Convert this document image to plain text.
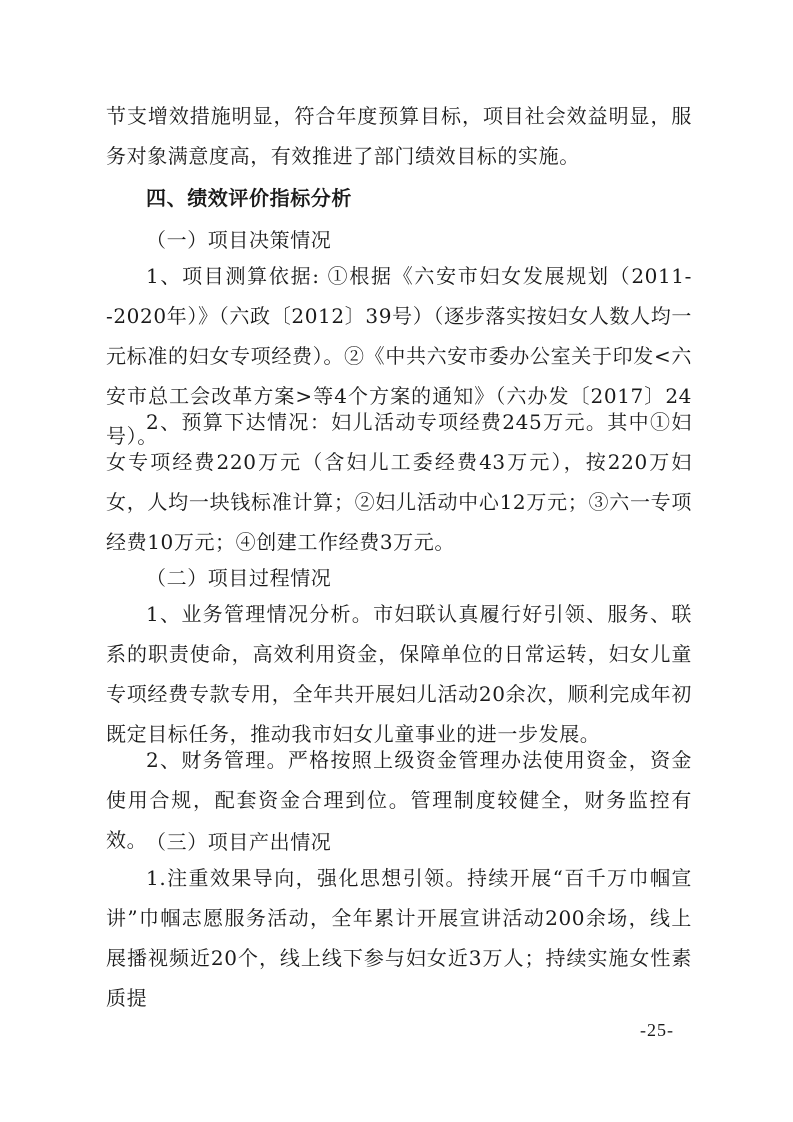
节支增效措施明显，符合年度预算目标，项目社会效益明显，服务对象满意度高，有效推进了部门绩效目标的实施。

四、绩效评价指标分析

（一）项目决策情况

1、项目测算依据: ①根据《六安市妇女发展规划（2011--2020年）》（六政〔2012〕39号）（逐步落实按妇女人数人均一元标准的妇女专项经费）。②《中共六安市委办公室关于印发<六安市总工会改革方案>等4个方案的通知》（六办发〔2017〕24号）。

2、预算下达情况：妇儿活动专项经费245万元。其中①妇女专项经费220万元（含妇儿工委经费43万元），按220万妇女，人均一块钱标准计算；②妇儿活动中心12万元；③六一专项经费10万元；④创建工作经费3万元。

（二）项目过程情况

1、业务管理情况分析。市妇联认真履行好引领、服务、联系的职责使命，高效利用资金，保障单位的日常运转，妇女儿童专项经费专款专用，全年共开展妇儿活动20余次，顺利完成年初既定目标任务，推动我市妇女儿童事业的进一步发展。

2、财务管理。严格按照上级资金管理办法使用资金，资金使用合规，配套资金合理到位。管理制度较健全，财务监控有效。

（三）项目产出情况

1.注重效果导向，强化思想引领。持续开展“百千万巾帼宣讲”巾帼志愿服务活动，全年累计开展宣讲活动200余场，线上展播视频近20个，线上线下参与妇女近3万人；持续实施女性素质提

-25-
